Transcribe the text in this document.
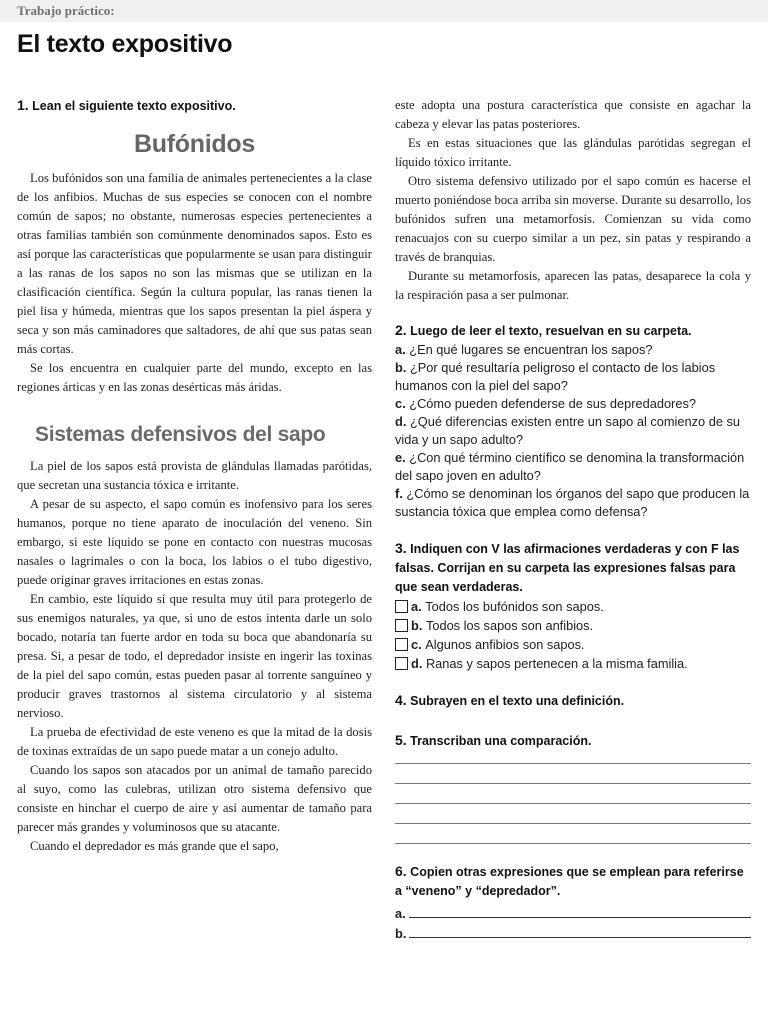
Trabajo práctico:
El texto expositivo
1. Lean el siguiente texto expositivo.
Bufónidos

Los bufónidos son una familia de animales pertenecientes a la clase de los anfibios. Muchas de sus especies se conocen con el nombre común de sapos; no obstante, numerosas especies pertenecientes a otras familias también son comúnmente denominados sapos. Esto es así porque las características que popularmente se usan para distinguir a las ranas de los sapos no son las mismas que se utilizan en la clasificación científica. Según la cultura popular, las ranas tienen la piel lisa y húmeda, mientras que los sapos presentan la piel áspera y seca y son más caminadores que saltadores, de ahí que sus patas sean más cortas.

Se los encuentra en cualquier parte del mundo, excepto en las regiones árticas y en las zonas desérticas más áridas.

Sistemas defensivos del sapo

La piel de los sapos está provista de glándulas llamadas parótidas, que secretan una sustancia tóxica e irritante.

A pesar de su aspecto, el sapo común es inofensivo para los seres humanos, porque no tiene aparato de inoculación del veneno. Sin embargo, si este líquido se pone en contacto con nuestras mucosas nasales o lagrimales o con la boca, los labios o el tubo digestivo, puede originar graves irritaciones en estas zonas.

En cambio, este líquido sí que resulta muy útil para protegerlo de sus enemigos naturales, ya que, si uno de estos intenta darle un solo bocado, notaría tan fuerte ardor en toda su boca que abandonaría su presa. Si, a pesar de todo, el depredador insiste en ingerir las toxinas de la piel del sapo común, estas pueden pasar al torrente sanguíneo y producir graves trastornos al sistema circulatorio y al sistema nervioso.

La prueba de efectividad de este veneno es que la mitad de la dosis de toxinas extraídas de un sapo puede matar a un conejo adulto.

Cuando los sapos son atacados por un animal de tamaño parecido al suyo, como las culebras, utilizan otro sistema defensivo que consiste en hinchar el cuerpo de aire y así aumentar de tamaño para parecer más grandes y voluminosos que su atacante.

Cuando el depredador es más grande que el sapo,

este adopta una postura característica que consiste en agachar la cabeza y elevar las patas posteriores.

Es en estas situaciones que las glándulas parótidas segregan el líquido tóxico irritante.

Otro sistema defensivo utilizado por el sapo común es hacerse el muerto poniéndose boca arriba sin moverse. Durante su desarrollo, los bufónidos sufren una metamorfosis. Comienzan su vida como renacuajos con su cuerpo similar a un pez, sin patas y respirando a través de branquias.

Durante su metamorfosis, aparecen las patas, desaparece la cola y la respiración pasa a ser pulmonar.

2. Luego de leer el texto, resuelvan en su carpeta.
a. ¿En qué lugares se encuentran los sapos?
b. ¿Por qué resultaría peligroso el contacto de los labios humanos con la piel del sapo?
c. ¿Cómo pueden defenderse de sus depredadores?
d. ¿Qué diferencias existen entre un sapo al comienzo de su vida y un sapo adulto?
e. ¿Con qué término científico se denomina la transformación del sapo joven en adulto?
f. ¿Cómo se denominan los órganos del sapo que producen la sustancia tóxica que emplea como defensa?
3. Indiquen con V las afirmaciones verdaderas y con F las falsas. Corrijan en su carpeta las expresiones falsas para que sean verdaderas.
a.
Todos los bufónidos son sapos.
b.
Todos los sapos son anfibios.
c.
Algunos anfibios son sapos.
d.
Ranas y sapos pertenecen a la misma familia.
4. Subrayen en el texto una definición.
5. Transcriban una comparación.
6. Copien otras expresiones que se emplean para referirse a “veneno” y “depredador”.
a.
b.
